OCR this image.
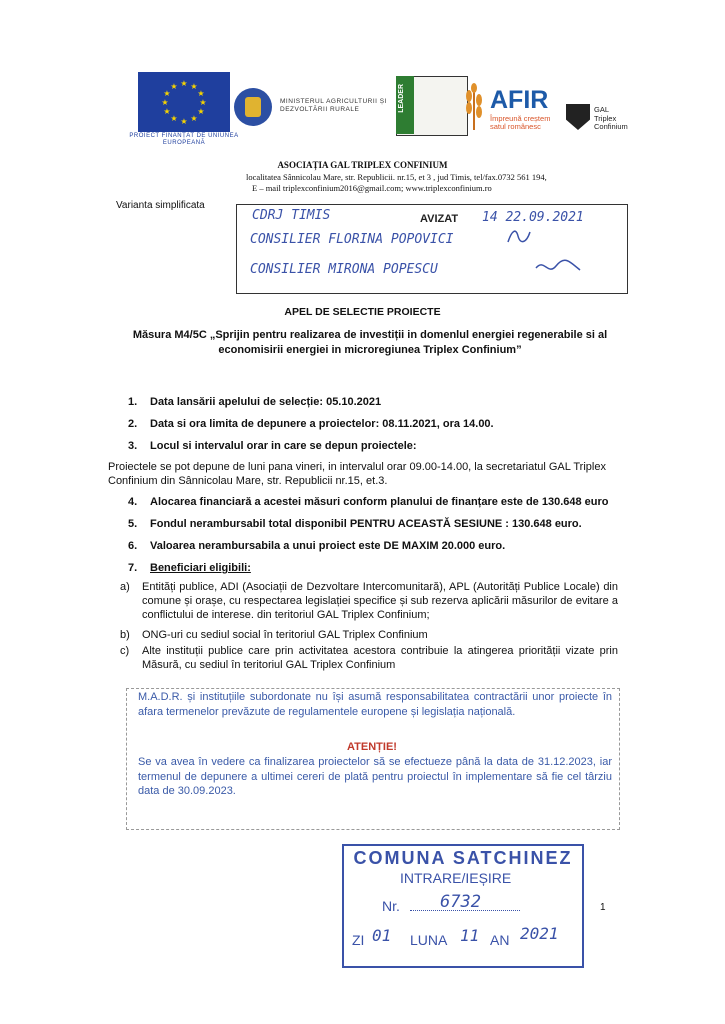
★ ★
★
★
★
★
★
★
★
★
★
★
PROIECT FINANȚAT DE UNIUNEA EUROPEANĂ
MINISTERUL AGRICULTURII ȘI DEZVOLTĂRII RURALE	LEADER	AFIR
Împreună creștem satul românesc
GAL
Triplex
Confinium
ASOCIAȚIA GAL TRIPLEX CONFINIUM
localitatea Sânnicolau Mare, str. Republicii. nr.15, et 3 , jud Timis, tel/fax.0732 561 194,
E – mail triplexconfinium2016@gmail.com; www.triplexconfinium.ro
Varianta simplificata
CDRJ TIMIS	AVIZAT 14 22.09.2021
CONSILIER FLORINA POPOVICI
CONSILIER MIRONA POPESCU
APEL DE SELECTIE PROIECTE
Măsura M4/5C „Sprijin pentru realizarea de investiții in domenlul energiei regenerabile si al economisirii energiei in microregiunea Triplex Confinium”
1. Data lansării apelului de selecție: 05.10.2021
2. Data si ora limita de depunere a proiectelor: 08.11.2021, ora 14.00.
3. Locul si intervalul orar in care se depun proiectele:
Proiectele se pot depune de luni pana vineri, in intervalul orar 09.00-14.00, la secretariatul GAL Triplex Confinium din Sânnicolau Mare, str. Republicii nr.15, et.3.
4. Alocarea financiară a acestei măsuri conform planului de finanțare este de 130.648 euro
5. Fondul nerambursabil total disponibil PENTRU ACEASTĂ SESIUNE : 130.648 euro.
6. Valoarea nerambursabila a unui proiect este DE MAXIM 20.000 euro.
7. Beneficiari eligibili:
a) Entități publice, ADI (Asociații de Dezvoltare Intercomunitară), APL (Autorități Publice Locale) din comune și orașe, cu respectarea legislației specifice și sub rezerva aplicării măsurilor de evitare a conflictului de interese. din teritoriul GAL Triplex Confinium;
b) ONG-uri cu sediul social în teritoriul GAL Triplex Confinium
c) Alte instituții publice care prin activitatea acestora contribuie la atingerea priorității vizate prin Măsură, cu sediul în teritoriul GAL Triplex Confinium
M.A.D.R. și instituțiile subordonate nu își asumă responsabilitatea contractării unor proiecte în afara termenelor prevăzute de regulamentele europene și legislația națională.
ATENȚIE!
Se va avea în vedere ca finalizarea proiectelor să se efectueze până la data de 31.12.2023, iar termenul de depunere a ultimei cereri de plată pentru proiectul în implementare să fie cel târziu data de 30.09.2023.
COMUNA SATCHINEZ
INTRARE/IEȘIRE
Nr. 6732
ZI 01 LUNA 11 AN 2021
1
